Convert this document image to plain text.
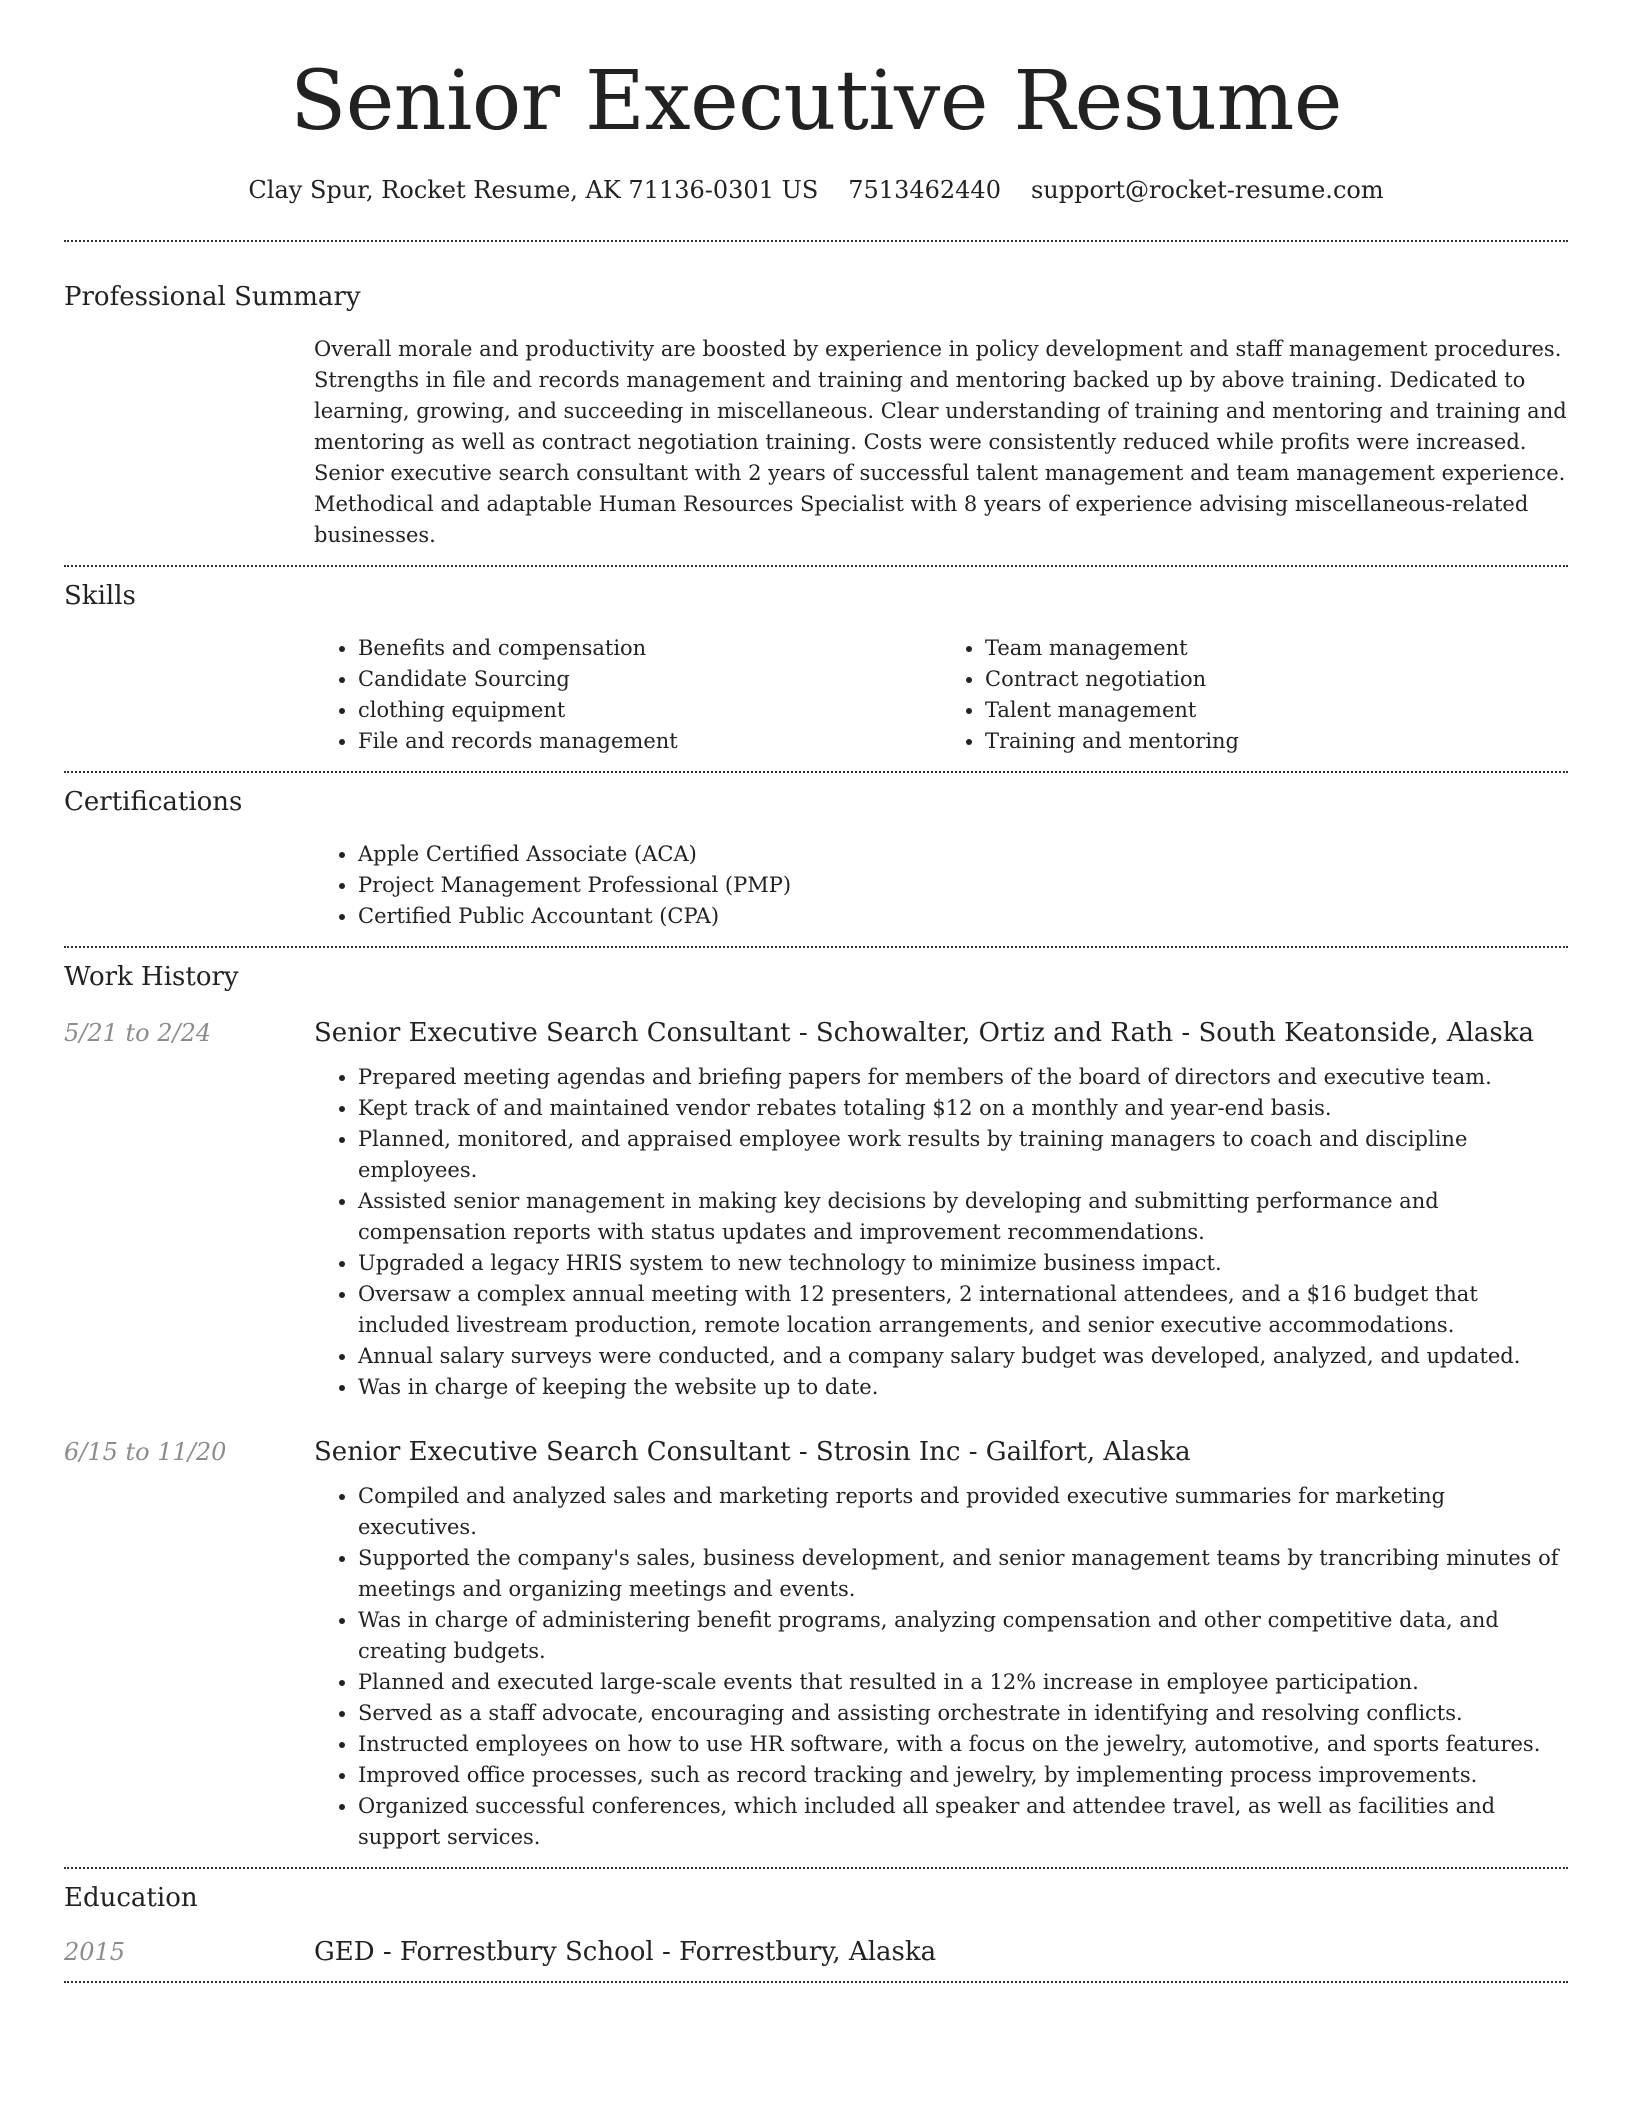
Senior Executive Resume
Clay Spur, Rocket Resume, AK 71136-0301 US 7513462440 support@rocket-resume.com
Professional Summary
Overall morale and productivity are boosted by experience in policy development and staff management procedures. Strengths in file and records management and training and mentoring backed up by above training. Dedicated to learning, growing, and succeeding in miscellaneous. Clear understanding of training and mentoring and training and mentoring as well as contract negotiation training. Costs were consistently reduced while profits were increased. Senior executive search consultant with 2 years of successful talent management and team management experience. Methodical and adaptable Human Resources Specialist with 8 years of experience advising miscellaneous-related businesses.
Skills
• Benefits and compensation
• Candidate Sourcing
• clothing equipment
• File and records management
• Team management
• Contract negotiation
• Talent management
• Training and mentoring
Certifications
• Apple Certified Associate (ACA)
• Project Management Professional (PMP)
• Certified Public Accountant (CPA)
Work History
5/21 to 2/24	Senior Executive Search Consultant - Schowalter, Ortiz and Rath - South Keatonside, Alaska
• Prepared meeting agendas and briefing papers for members of the board of directors and executive team.
• Kept track of and maintained vendor rebates totaling $12 on a monthly and year-end basis.
• Planned, monitored, and appraised employee work results by training managers to coach and discipline employees.
• Assisted senior management in making key decisions by developing and submitting performance and compensation reports with status updates and improvement recommendations.
• Upgraded a legacy HRIS system to new technology to minimize business impact.
• Oversaw a complex annual meeting with 12 presenters, 2 international attendees, and a $16 budget that included livestream production, remote location arrangements, and senior executive accommodations.
• Annual salary surveys were conducted, and a company salary budget was developed, analyzed, and updated.
• Was in charge of keeping the website up to date.
6/15 to 11/20	Senior Executive Search Consultant - Strosin Inc - Gailfort, Alaska
• Compiled and analyzed sales and marketing reports and provided executive summaries for marketing executives.
• Supported the company's sales, business development, and senior management teams by trancribing minutes of meetings and organizing meetings and events.
• Was in charge of administering benefit programs, analyzing compensation and other competitive data, and creating budgets.
• Planned and executed large-scale events that resulted in a 12% increase in employee participation.
• Served as a staff advocate, encouraging and assisting orchestrate in identifying and resolving conflicts.
• Instructed employees on how to use HR software, with a focus on the jewelry, automotive, and sports features.
• Improved office processes, such as record tracking and jewelry, by implementing process improvements.
• Organized successful conferences, which included all speaker and attendee travel, as well as facilities and support services.
Education
2015	GED - Forrestbury School - Forrestbury, Alaska
